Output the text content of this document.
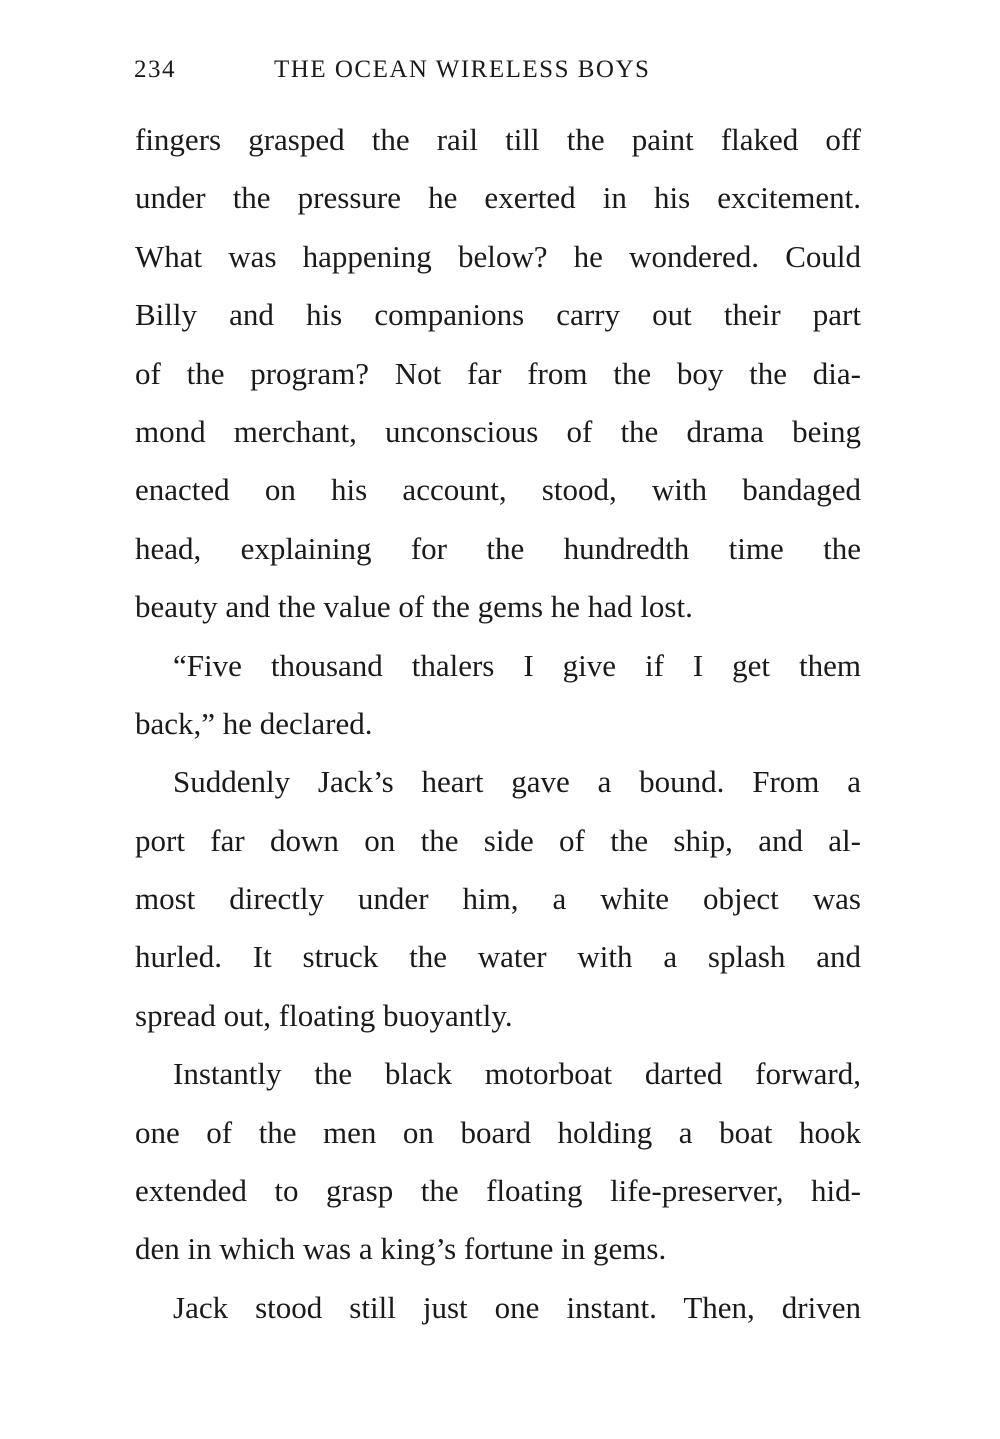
234	THE OCEAN WIRELESS BOYS
fingers grasped the rail till the paint flaked off
under the pressure he exerted in his excitement.
What was happening below? he wondered. Could
Billy and his companions carry out their part
of the program? Not far from the boy the dia-
mond merchant, unconscious of the drama being
enacted on his account, stood, with bandaged
head, explaining for the hundredth time the
beauty and the value of the gems he had lost.
“Five thousand thalers I give if I get them
back,” he declared.
Suddenly Jack’s heart gave a bound. From a
port far down on the side of the ship, and al-
most directly under him, a white object was
hurled. It struck the water with a splash and
spread out, floating buoyantly.
Instantly the black motorboat darted forward,
one of the men on board holding a boat hook
extended to grasp the floating life-preserver, hid-
den in which was a king’s fortune in gems.
Jack stood still just one instant. Then, driven
